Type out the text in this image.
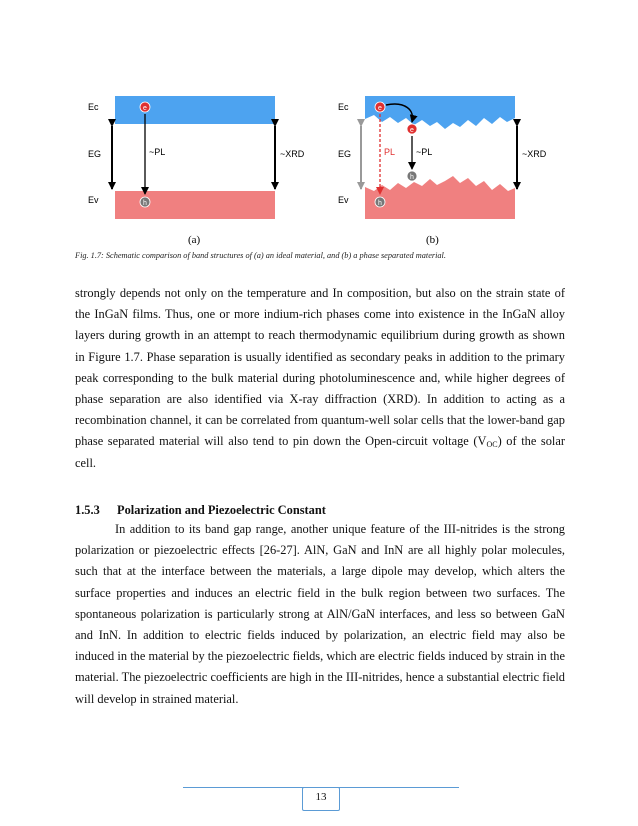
Ec
Ev
EG
e
h
~PL	~XRD
(a)
Ec
Ev
EG
e
e
h
h
PL ~PL	~XRD
(b)
Fig. 1.7: Schematic comparison of band structures of (a) an ideal material, and (b) a phase separated material.

strongly depends not only on the temperature and In composition, but also on the strain state of the InGaN films. Thus, one or more indium-rich phases come into existence in the InGaN alloy layers during growth in an attempt to reach thermodynamic equilibrium during growth as shown in Figure 1.7. Phase separation is usually identified as secondary peaks in addition to the primary peak corresponding to the bulk material during photoluminescence and, while higher degrees of phase separation are also identified via X-ray diffraction (XRD). In addition to acting as a recombination channel, it can be correlated from quantum-well solar cells that the lower-band gap phase separated material will also tend to pin down the Open-circuit voltage $(V_{OC})$ of the solar cell.

1.5.3 Polarization and Piezoelectric Constant

In addition to its band gap range, another unique feature of the III-nitrides is the strong polarization or piezoelectric effects [26-27]. AlN, GaN and InN are all highly polar molecules, such that at the interface between the materials, a large dipole may develop, which alters the surface properties and induces an electric field in the bulk region between two surfaces. The spontaneous polarization is particularly strong at AlN/GaN interfaces, and less so between GaN and InN. In addition to electric fields induced by polarization, an electric field may also be induced in the material by the piezoelectric fields, which are electric fields induced by strain in the material. The piezoelectric coefficients are high in the III-nitrides, hence a substantial electric field will develop in strained material.

13
